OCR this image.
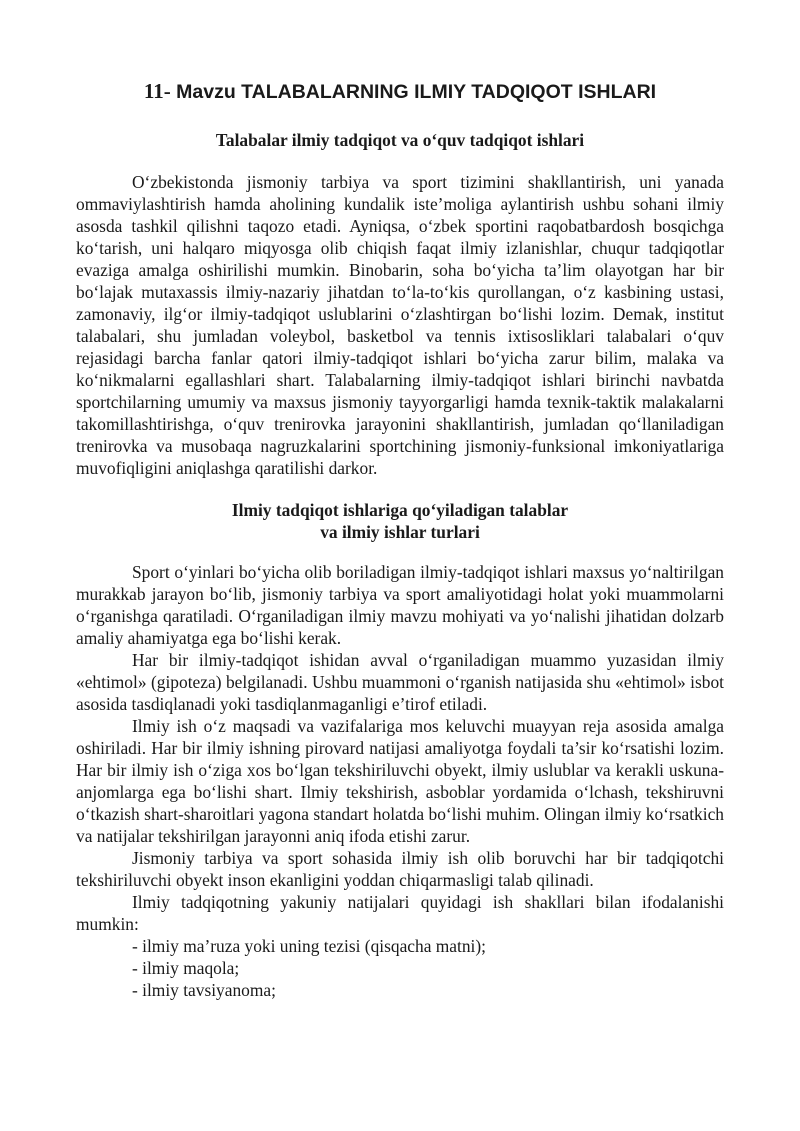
11- Mavzu TALABALARNING ILMIY TADQIQOT ISHLARI
Talabalar ilmiy tadqiqot va o‘quv tadqiqot ishlari

O‘zbekistonda jismoniy tarbiya va sport tizimini shakllantirish, uni yanada ommaviylashtirish hamda aholining kundalik iste’moliga aylantirish ushbu sohani ilmiy asosda tashkil qilishni taqozo etadi. Ayniqsa, o‘zbek sportini raqobatbardosh bosqichga ko‘tarish, uni halqaro miqyosga olib chiqish faqat ilmiy izlanishlar, chuqur tadqiqotlar evaziga amalga oshirilishi mumkin. Binobarin, soha bo‘yicha ta’lim olayotgan har bir bo‘lajak mutaxassis ilmiy-nazariy jihatdan to‘la-to‘kis qurollangan, o‘z kasbining ustasi, zamonaviy, ilg‘or ilmiy-tadqiqot uslublarini o‘zlashtirgan bo‘lishi lozim. Demak, institut talabalari, shu jumladan voleybol, basketbol va tennis ixtisosliklari talabalari o‘quv rejasidagi barcha fanlar qatori ilmiy-tadqiqot ishlari bo‘yicha zarur bilim, malaka va ko‘nikmalarni egallashlari shart. Talabalarning ilmiy-tadqiqot ishlari birinchi navbatda sportchilarning umumiy va maxsus jismoniy tayyorgarligi hamda texnik-taktik malakalarni takomillashtirishga, o‘quv trenirovka jarayonini shakllantirish, jumladan qo‘llaniladigan trenirovka va musobaqa nagruzkalarini sportchining jismoniy-funksional imkoniyatlariga muvofiqligini aniqlashga qaratilishi darkor.

Ilmiy tadqiqot ishlariga qo‘yiladigan talablar
va ilmiy ishlar turlari

Sport o‘yinlari bo‘yicha olib boriladigan ilmiy-tadqiqot ishlari maxsus yo‘naltirilgan murakkab jarayon bo‘lib, jismoniy tarbiya va sport amaliyotidagi holat yoki muammolarni o‘rganishga qaratiladi. O‘rganiladigan ilmiy mavzu mohiyati va yo‘nalishi jihatidan dolzarb amaliy ahamiyatga ega bo‘lishi kerak.

Har bir ilmiy-tadqiqot ishidan avval o‘rganiladigan muammo yuzasidan ilmiy «ehtimol» (gipoteza) belgilanadi. Ushbu muammoni o‘rganish natijasida shu «ehtimol» isbot asosida tasdiqlanadi yoki tasdiqlanmaganligi e’tirof etiladi.

Ilmiy ish o‘z maqsadi va vazifalariga mos keluvchi muayyan reja asosida amalga oshiriladi. Har bir ilmiy ishning pirovard natijasi amaliyotga foydali ta’sir ko‘rsatishi lozim. Har bir ilmiy ish o‘ziga xos bo‘lgan tekshiriluvchi obyekt, ilmiy uslublar va kerakli uskuna-anjomlarga ega bo‘lishi shart. Ilmiy tekshirish, asboblar yordamida o‘lchash, tekshiruvni o‘tkazish shart-sharoitlari yagona standart holatda bo‘lishi muhim. Olingan ilmiy ko‘rsatkich va natijalar tekshirilgan jarayonni aniq ifoda etishi zarur.

Jismoniy tarbiya va sport sohasida ilmiy ish olib boruvchi har bir tadqiqotchi tekshiriluvchi obyekt inson ekanligini yoddan chiqarmasligi talab qilinadi.

Ilmiy tadqiqotning yakuniy natijalari quyidagi ish shakllari bilan ifodalanishi mumkin:

- ilmiy ma’ruza yoki uning tezisi (qisqacha matni);
- ilmiy maqola;
- ilmiy tavsiyanoma;
